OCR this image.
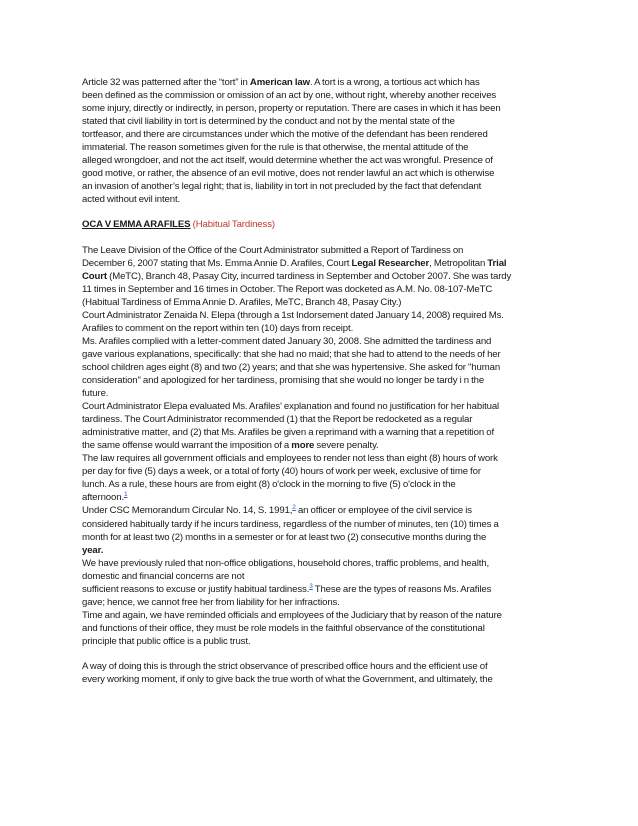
Article 32 was patterned after the “tort” in American law. A tort is a wrong, a tortious act which has
been defined as the commission or omission of an act by one, without right, whereby another receives
some injury, directly or indirectly, in person, property or reputation. There are cases in which it has been
stated that civil liability in tort is determined by the conduct and not by the mental state of the
tortfeasor, and there are circumstances under which the motive of the defendant has been rendered
immaterial. The reason sometimes given for the rule is that otherwise, the mental attitude of the
alleged wrongdoer, and not the act itself, would determine whether the act was wrongful. Presence of
good motive, or rather, the absence of an evil motive, does not render lawful an act which is otherwise
an invasion of another’s legal right; that is, liability in tort in not precluded by the fact that defendant
acted without evil intent.
OCA V EMMA ARAFILES (Habitual Tardiness)
The Leave Division of the Office of the Court Administrator submitted a Report of Tardiness on
December 6, 2007 stating that Ms. Emma Annie D. Arafiles, Court Legal Researcher, Metropolitan Trial
Court (MeTC), Branch 48, Pasay City, incurred tardiness in September and October 2007. She was tardy
11 times in September and 16 times in October. The Report was docketed as A.M. No. 08-107-MeTC
(Habitual Tardiness of Emma Annie D. Arafiles, MeTC, Branch 48, Pasay City.)
Court Administrator Zenaida N. Elepa (through a 1st Indorsement dated January 14, 2008) required Ms.
Arafiles to comment on the report within ten (10) days from receipt.
Ms. Arafiles complied with a letter-comment dated January 30, 2008. She admitted the tardiness and
gave various explanations, specifically: that she had no maid; that she had to attend to the needs of her
school children ages eight (8) and two (2) years; and that she was hypertensive. She asked for "human
consideration" and apologized for her tardiness, promising that she would no longer be tardy i n the
future.
Court Administrator Elepa evaluated Ms. Arafiles' explanation and found no justification for her habitual
tardiness. The Court Administrator recommended (1) that the Report be redocketed as a regular
administrative matter, and (2) that Ms. Arafiles be given a reprimand with a warning that a repetition of
the same offense would warrant the imposition of a more severe penalty.
The law requires all government officials and employees to render not less than eight (8) hours of work
per day for five (5) days a week, or a total of forty (40) hours of work per week, exclusive of time for
lunch. As a rule, these hours are from eight (8) o'clock in the morning to five (5) o'clock in the
afternoon.$^1$
Under CSC Memorandum Circular No. 14, S. 1991,$^2$ an officer or employee of the civil service is
considered habitually tardy if he incurs tardiness, regardless of the number of minutes, ten (10) times a
month for at least two (2) months in a semester or for at least two (2) consecutive months during the
year.
We have previously ruled that non-office obligations, household chores, traffic problems, and health,
domestic and financial concerns are not
sufficient reasons to excuse or justify habitual tardiness.$^3$ These are the types of reasons Ms. Arafiles
gave; hence, we cannot free her from liability for her infractions.
Time and again, we have reminded officials and employees of the Judiciary that by reason of the nature
and functions of their office, they must be role models in the faithful observance of the constitutional
principle that public office is a public trust.
A way of doing this is through the strict observance of prescribed office hours and the efficient use of
every working moment, if only to give back the true worth of what the Government, and ultimately, the
